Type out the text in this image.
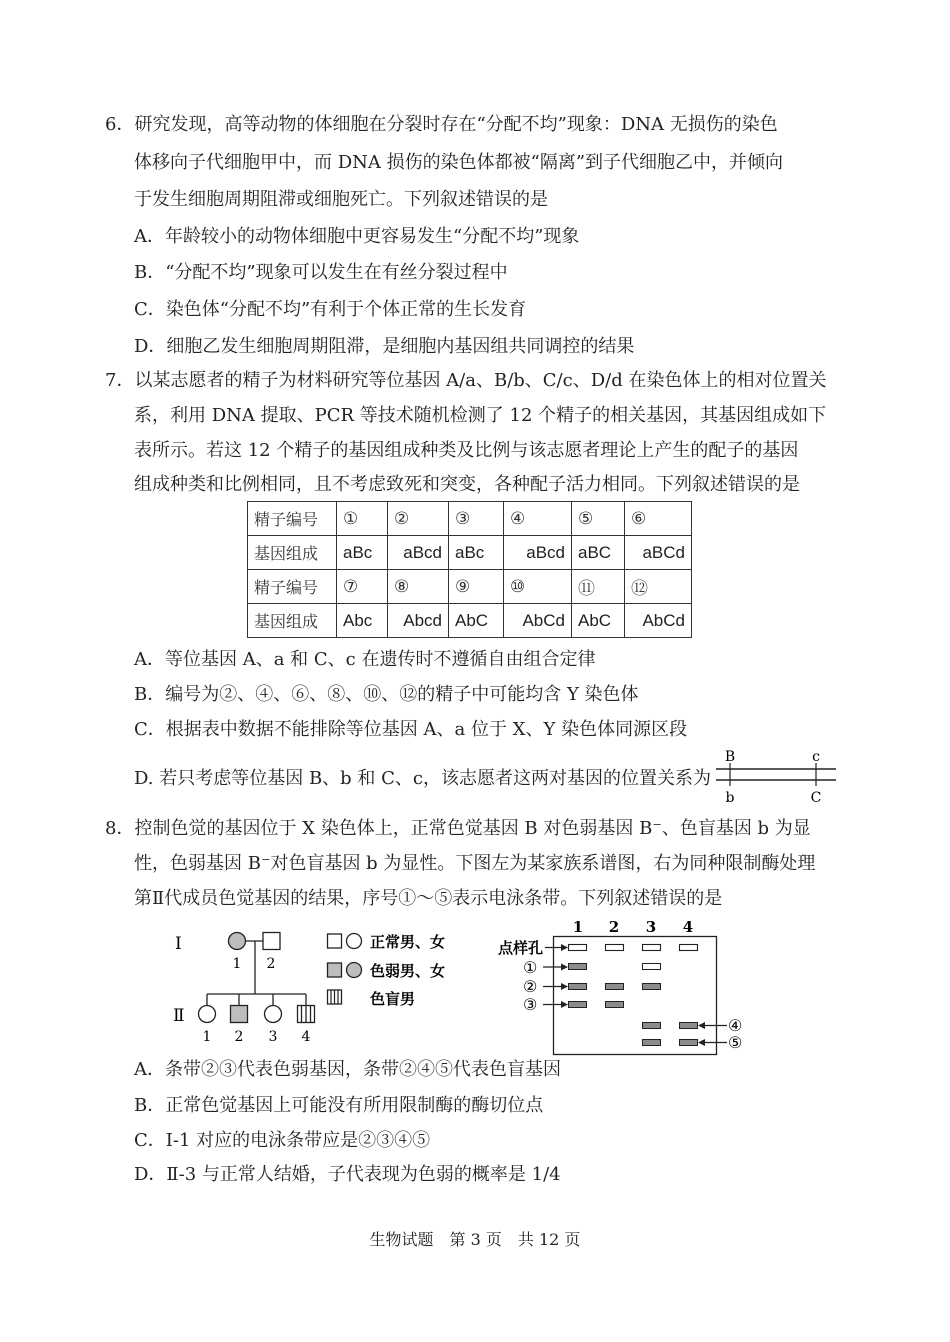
6．研究发现，高等动物的体细胞在分裂时存在“分配不均”现象：DNA 无损伤的染色
体移向子代细胞甲中，而 DNA 损伤的染色体都被“隔离”到子代细胞乙中，并倾向
于发生细胞周期阻滞或细胞死亡。下列叙述错误的是
A．年龄较小的动物体细胞中更容易发生“分配不均”现象
B．“分配不均”现象可以发生在有丝分裂过程中
C．染色体“分配不均”有利于个体正常的生长发育
D．细胞乙发生细胞周期阻滞，是细胞内基因组共同调控的结果
7．以某志愿者的精子为材料研究等位基因 A/a、B/b、C/c、D/d 在染色体上的相对位置关
系，利用 DNA 提取、PCR 等技术随机检测了 12 个精子的相关基因，其基因组成如下
表所示。若这 12 个精子的基因组成种类及比例与该志愿者理论上产生的配子的基因
组成种类和比例相同，且不考虑致死和突变，各种配子活力相同。下列叙述错误的是
精子编号	①	②	③	④	⑤	⑥
基因组成	aBc	aBcd	aBc	aBcd	aBC	aBCd
精子编号	⑦	⑧	⑨	⑩	⑪	⑫
基因组成	Abc	Abcd	AbC	AbCd	AbC	AbCd
A．等位基因 A、a 和 C、c 在遗传时不遵循自由组合定律
B．编号为②、④、⑥、⑧、⑩、⑫的精子中可能均含 Y 染色体
C．根据表中数据不能排除等位基因 A、a 位于 X、Y 染色体同源区段
D. 若只考虑等位基因 B、b 和 C、c，该志愿者这两对基因的位置关系为
B	c
b	C
8．控制色觉的基因位于 X 染色体上，正常色觉基因 B 对色弱基因 B⁻、色盲基因 b 为显
性，色弱基因 B⁻对色盲基因 b 为显性。下图左为某家族系谱图，右为同种限制酶处理
第Ⅱ代成员色觉基因的结果，序号①～⑤表示电泳条带。下列叙述错误的是
Ⅰ
Ⅱ
1 2
1 2 3 4
正常男、女
色弱男、女
色盲男
1 2 3 4
点样孔
①
②
③
④
⑤
A．条带②③代表色弱基因，条带②④⑤代表色盲基因
B．正常色觉基因上可能没有所用限制酶的酶切位点
C．Ⅰ-1 对应的电泳条带应是②③④⑤
D．Ⅱ-3 与正常人结婚，子代表现为色弱的概率是 1/4
生物试题　第 3 页　共 12 页
